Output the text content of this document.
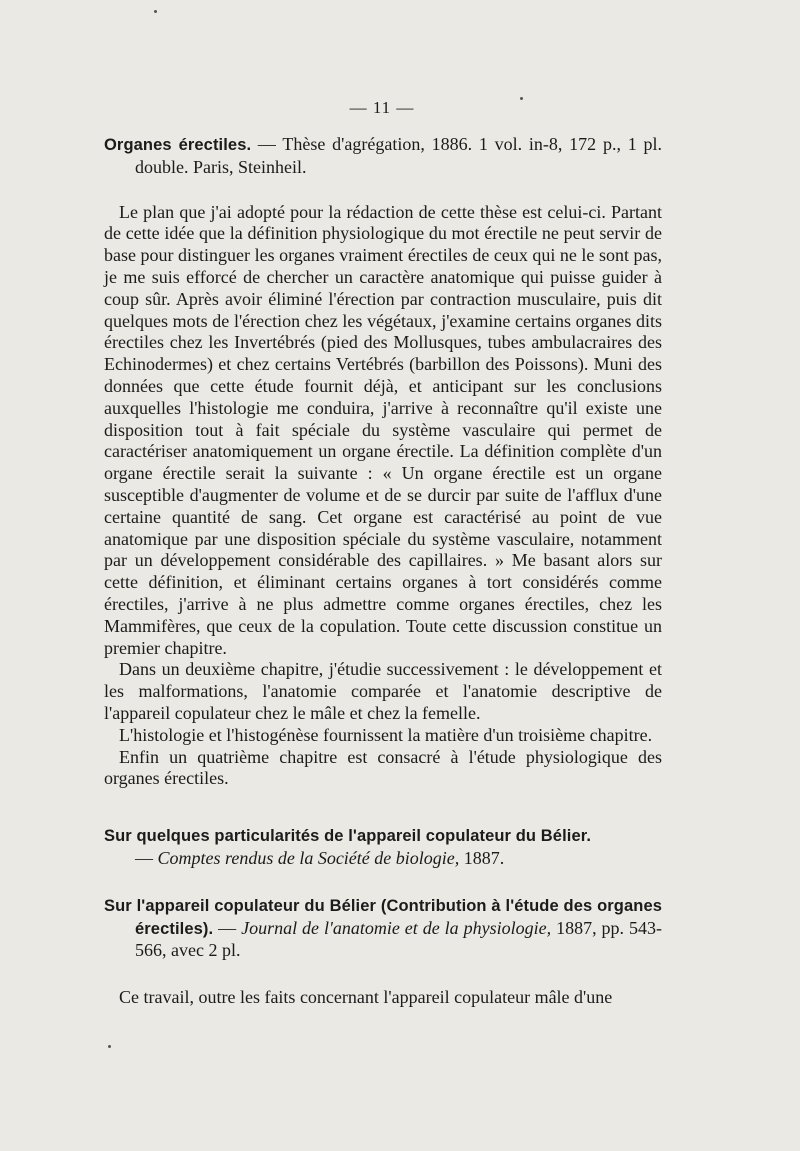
— 11 —

Organes érectiles. — Thèse d'agrégation, 1886. 1 vol. in-8, 172 p., 1 pl. double. Paris, Steinheil.

Le plan que j'ai adopté pour la rédaction de cette thèse est celui-ci. Partant de cette idée que la définition physiologique du mot érectile ne peut servir de base pour distinguer les organes vraiment érectiles de ceux qui ne le sont pas, je me suis efforcé de chercher un caractère anatomique qui puisse guider à coup sûr. Après avoir éliminé l'érection par contraction musculaire, puis dit quelques mots de l'érection chez les végétaux, j'examine certains organes dits érectiles chez les Invertébrés (pied des Mollusques, tubes ambulacraires des Echinodermes) et chez certains Vertébrés (barbillon des Poissons). Muni des données que cette étude fournit déjà, et anticipant sur les conclusions auxquelles l'histologie me conduira, j'arrive à reconnaître qu'il existe une disposition tout à fait spéciale du système vasculaire qui permet de caractériser anatomiquement un organe érectile. La définition complète d'un organe érectile serait la suivante : « Un organe érectile est un organe susceptible d'augmenter de volume et de se durcir par suite de l'afflux d'une certaine quantité de sang. Cet organe est caractérisé au point de vue anatomique par une disposition spéciale du système vasculaire, notamment par un développement considérable des capillaires. » Me basant alors sur cette définition, et éliminant certains organes à tort considérés comme érectiles, j'arrive à ne plus admettre comme organes érectiles, chez les Mammifères, que ceux de la copulation. Toute cette discussion constitue un premier chapitre.

Dans un deuxième chapitre, j'étudie successivement : le développement et les malformations, l'anatomie comparée et l'anatomie descriptive de l'appareil copulateur chez le mâle et chez la femelle.

L'histologie et l'histogénèse fournissent la matière d'un troisième chapitre.

Enfin un quatrième chapitre est consacré à l'étude physiologique des organes érectiles.

Sur quelques particularités de l'appareil copulateur du Bélier.
— Comptes rendus de la Société de biologie, 1887.

Sur l'appareil copulateur du Bélier (Contribution à l'étude des organes érectiles). — Journal de l'anatomie et de la physiologie, 1887, pp. 543-566, avec 2 pl.

Ce travail, outre les faits concernant l'appareil copulateur mâle d'une
